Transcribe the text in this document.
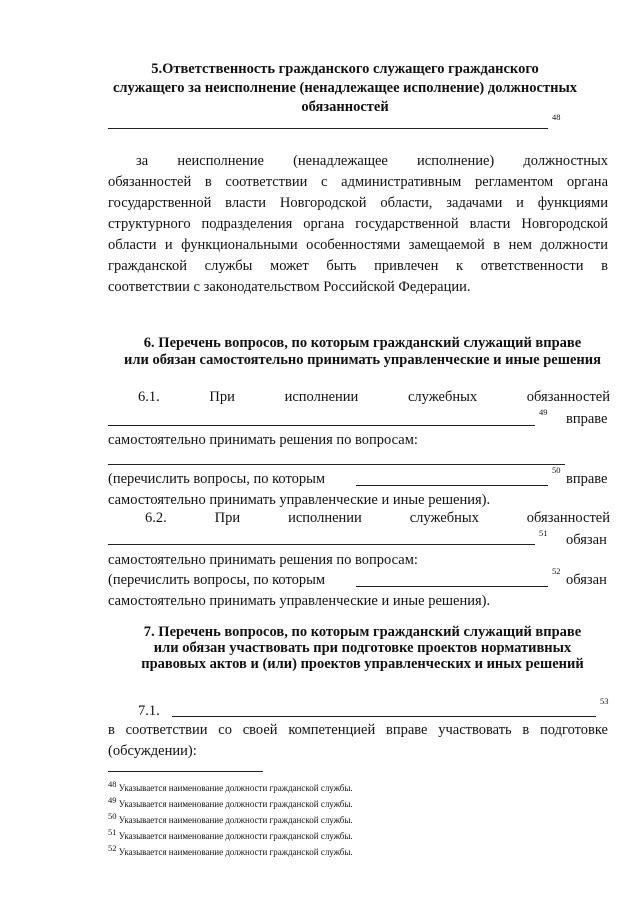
5.Ответственность гражданского служащего гражданского
служащего за неисполнение (ненадлежащее исполнение) должностных
обязанностей
48
за неисполнение (ненадлежащее исполнение) должностных
обязанностей в соответствии с административным регламентом органа
государственной власти Новгородской области, задачами и функциями
структурного подразделения органа государственной власти Новгородской
области и функциональными особенностями замещаемой в нем должности
гражданской службы может быть привлечен к ответственности в
соответствии с законодательством Российской Федерации.
6. Перечень вопросов, по которым гражданский служащий вправе
или обязан самостоятельно принимать управленческие и иные решения
6.1.	При	исполнении	служебных	обязанностей
49 вправе
самостоятельно принимать решения по вопросам:
(перечислить вопросы, по которым
50
вправе
самостоятельно принимать управленческие и иные решения).
6.2.	При	исполнении	служебных	обязанностей
51 обязан
самостоятельно принимать решения по вопросам:
(перечислить вопросы, по которым
52
обязан
самостоятельно принимать управленческие и иные решения).
7. Перечень вопросов, по которым гражданский служащий вправе
или обязан участвовать при подготовке проектов нормативных
правовых актов и (или) проектов управленческих и иных решений
7.1.
53
в соответствии со своей компетенцией вправе участвовать в подготовке
(обсуждении):
$^{48}$ Указывается наименование должности гражданской службы.
$^{49}$ Указывается наименование должности гражданской службы.
$^{50}$ Указывается наименование должности гражданской службы.
$^{51}$ Указывается наименование должности гражданской службы.
$^{52}$ Указывается наименование должности гражданской службы.
